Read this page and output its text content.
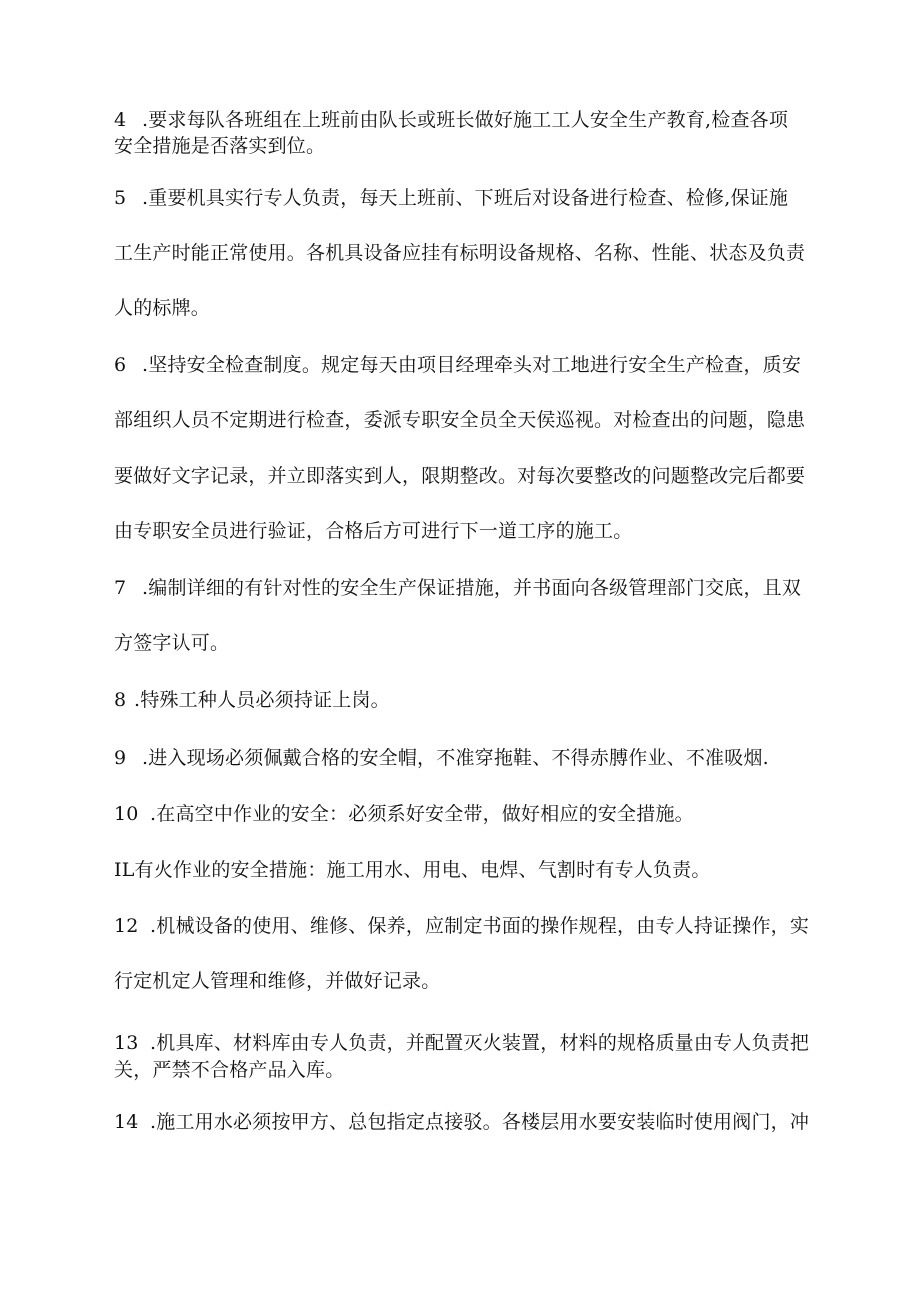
4 .要求每队各班组在上班前由队长或班长做好施工工人安全生产教育,检查各项
安全措施是否落实到位。
5 .重要机具实行专人负责，每天上班前、下班后对设备进行检查、检修,保证施
工生产时能正常使用。各机具设备应挂有标明设备规格、名称、性能、状态及负责
人的标牌。
6 .坚持安全检查制度。规定每天由项目经理牵头对工地进行安全生产检查，质安
部组织人员不定期进行检查，委派专职安全员全天侯巡视。对检查出的问题，隐患
要做好文字记录，并立即落实到人，限期整改。对每次要整改的问题整改完后都要
由专职安全员进行验证，合格后方可进行下一道工序的施工。
7 .编制详细的有针对性的安全生产保证措施，并书面向各级管理部门交底，且双
方签字认可。
8 .特殊工种人员必须持证上岗。
9 .进入现场必须佩戴合格的安全帽，不准穿拖鞋、不得赤膊作业、不准吸烟.
10 .在高空中作业的安全：必须系好安全带，做好相应的安全措施。
IL有火作业的安全措施：施工用水、用电、电焊、气割时有专人负责。
12 .机械设备的使用、维修、保养，应制定书面的操作规程，由专人持证操作，实
行定机定人管理和维修，并做好记录。
13 .机具库、材料库由专人负责，并配置灭火装置，材料的规格质量由专人负责把
关，严禁不合格产品入库。
14 .施工用水必须按甲方、总包指定点接驳。各楼层用水要安装临时使用阀门，冲
